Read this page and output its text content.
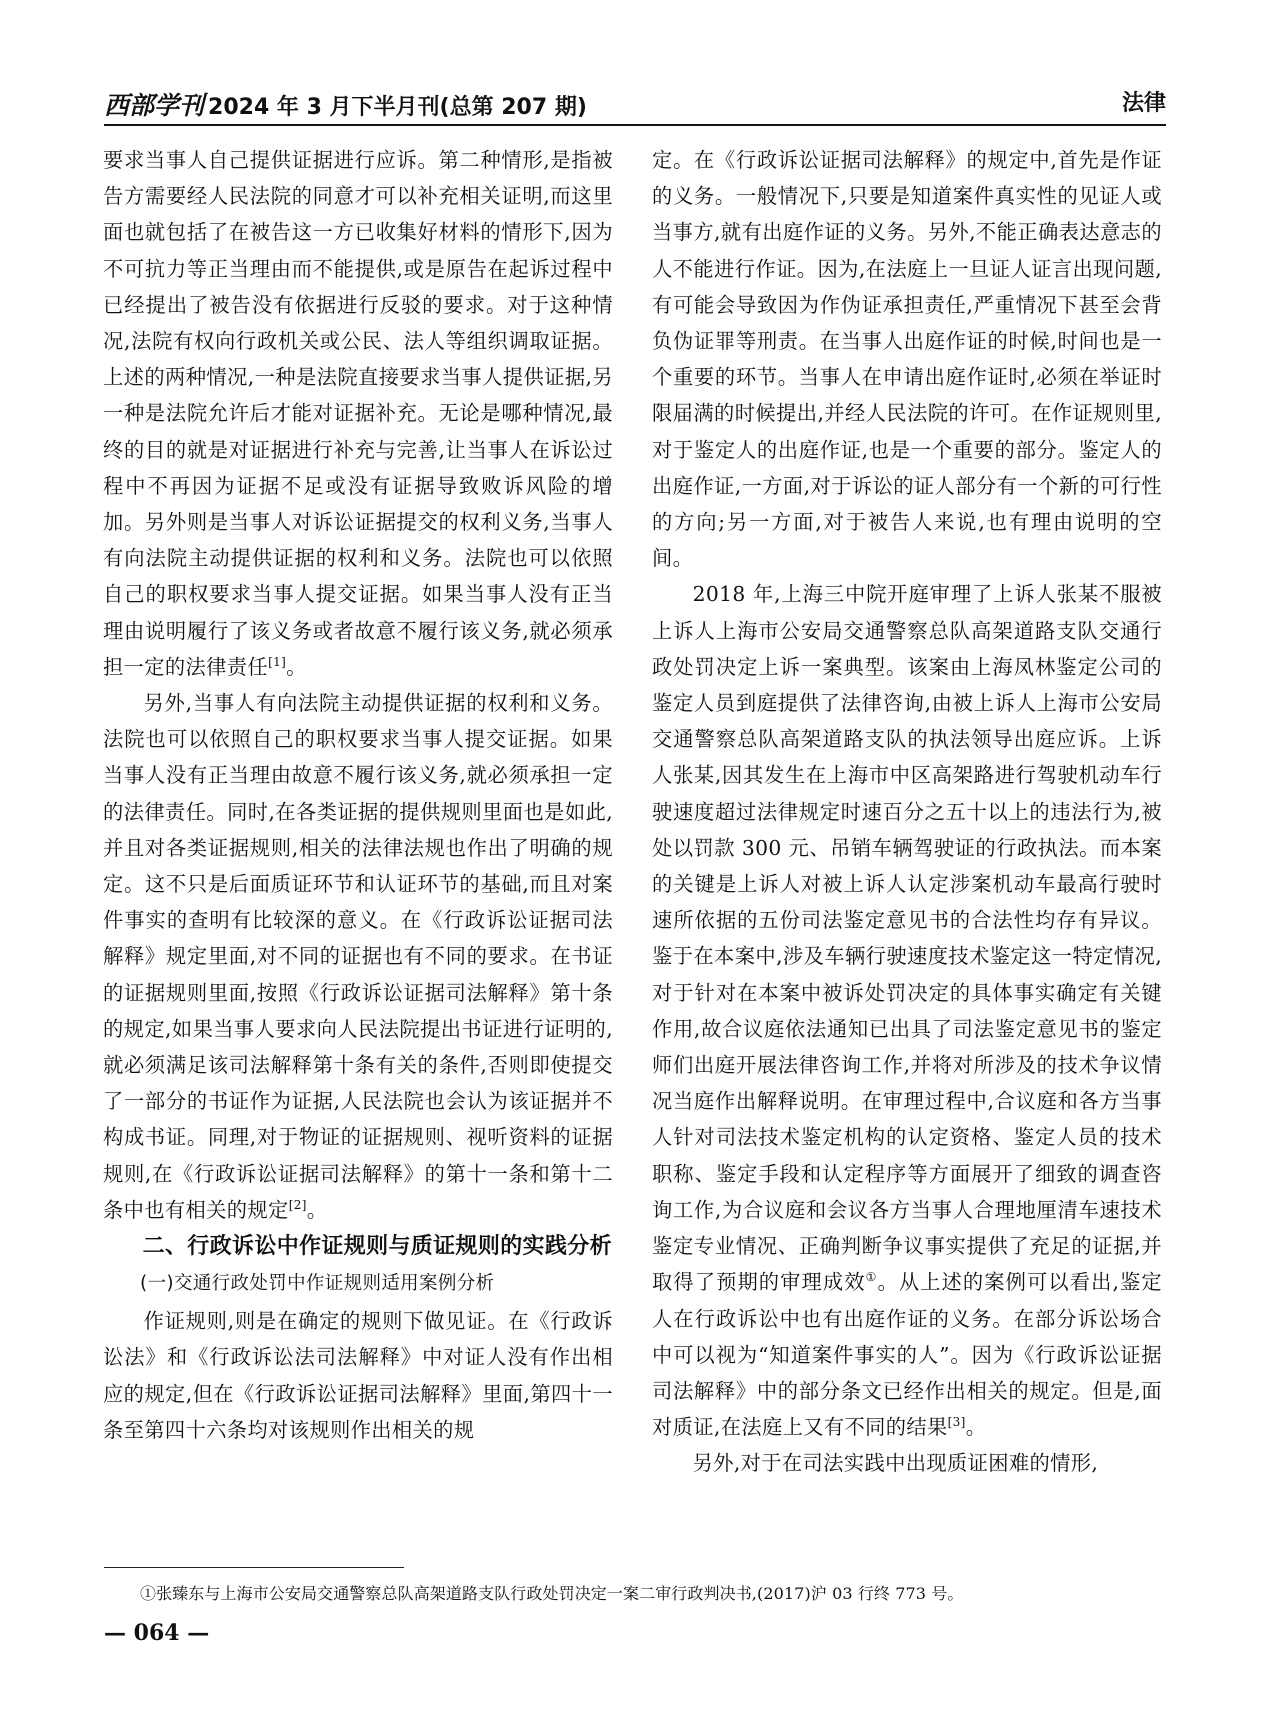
西部学刊 2024 年 3 月下半月刊(总第 207 期)	法律

要求当事人自己提供证据进行应诉。第二种情形,是指被告方需要经人民法院的同意才可以补充相关证明,而这里面也就包括了在被告这一方已收集好材料的情形下,因为不可抗力等正当理由而不能提供,或是原告在起诉过程中已经提出了被告没有依据进行反驳的要求。对于这种情况,法院有权向行政机关或公民、法人等组织调取证据。上述的两种情况,一种是法院直接要求当事人提供证据,另一种是法院允许后才能对证据补充。无论是哪种情况,最终的目的就是对证据进行补充与完善,让当事人在诉讼过程中不再因为证据不足或没有证据导致败诉风险的增加。另外则是当事人对诉讼证据提交的权利义务,当事人有向法院主动提供证据的权利和义务。法院也可以依照自己的职权要求当事人提交证据。如果当事人没有正当理由说明履行了该义务或者故意不履行该义务,就必须承担一定的法律责任[1]。

另外,当事人有向法院主动提供证据的权利和义务。法院也可以依照自己的职权要求当事人提交证据。如果当事人没有正当理由故意不履行该义务,就必须承担一定的法律责任。同时,在各类证据的提供规则里面也是如此,并且对各类证据规则,相关的法律法规也作出了明确的规定。这不只是后面质证环节和认证环节的基础,而且对案件事实的查明有比较深的意义。在《行政诉讼证据司法解释》规定里面,对不同的证据也有不同的要求。在书证的证据规则里面,按照《行政诉讼证据司法解释》第十条的规定,如果当事人要求向人民法院提出书证进行证明的,就必须满足该司法解释第十条有关的条件,否则即使提交了一部分的书证作为证据,人民法院也会认为该证据并不构成书证。同理,对于物证的证据规则、视听资料的证据规则,在《行政诉讼证据司法解释》的第十一条和第十二条中也有相关的规定[2]。

二、行政诉讼中作证规则与质证规则的实践分析

(一)交通行政处罚中作证规则适用案例分析

作证规则,则是在确定的规则下做见证。在《行政诉讼法》和《行政诉讼法司法解释》中对证人没有作出相应的规定,但在《行政诉讼证据司法解释》里面,第四十一条至第四十六条均对该规则作出相关的规

定。在《行政诉讼证据司法解释》的规定中,首先是作证的义务。一般情况下,只要是知道案件真实性的见证人或当事方,就有出庭作证的义务。另外,不能正确表达意志的人不能进行作证。因为,在法庭上一旦证人证言出现问题,有可能会导致因为作伪证承担责任,严重情况下甚至会背负伪证罪等刑责。在当事人出庭作证的时候,时间也是一个重要的环节。当事人在申请出庭作证时,必须在举证时限届满的时候提出,并经人民法院的许可。在作证规则里,对于鉴定人的出庭作证,也是一个重要的部分。鉴定人的出庭作证,一方面,对于诉讼的证人部分有一个新的可行性的方向;另一方面,对于被告人来说,也有理由说明的空间。

2018 年,上海三中院开庭审理了上诉人张某不服被上诉人上海市公安局交通警察总队高架道路支队交通行政处罚决定上诉一案典型。该案由上海凤林鉴定公司的鉴定人员到庭提供了法律咨询,由被上诉人上海市公安局交通警察总队高架道路支队的执法领导出庭应诉。上诉人张某,因其发生在上海市中区高架路进行驾驶机动车行驶速度超过法律规定时速百分之五十以上的违法行为,被处以罚款 300 元、吊销车辆驾驶证的行政执法。而本案的关键是上诉人对被上诉人认定涉案机动车最高行驶时速所依据的五份司法鉴定意见书的合法性均存有异议。鉴于在本案中,涉及车辆行驶速度技术鉴定这一特定情况,对于针对在本案中被诉处罚决定的具体事实确定有关键作用,故合议庭依法通知已出具了司法鉴定意见书的鉴定师们出庭开展法律咨询工作,并将对所涉及的技术争议情况当庭作出解释说明。在审理过程中,合议庭和各方当事人针对司法技术鉴定机构的认定资格、鉴定人员的技术职称、鉴定手段和认定程序等方面展开了细致的调查咨询工作,为合议庭和会议各方当事人合理地厘清车速技术鉴定专业情况、正确判断争议事实提供了充足的证据,并取得了预期的审理成效①。从上述的案例可以看出,鉴定人在行政诉讼中也有出庭作证的义务。在部分诉讼场合中可以视为“知道案件事实的人”。因为《行政诉讼证据司法解释》中的部分条文已经作出相关的规定。但是,面对质证,在法庭上又有不同的结果[3]。

另外,对于在司法实践中出现质证困难的情形,

①张臻东与上海市公安局交通警察总队高架道路支队行政处罚决定一案二审行政判决书,(2017)沪 03 行终 773 号。
— 064 —
